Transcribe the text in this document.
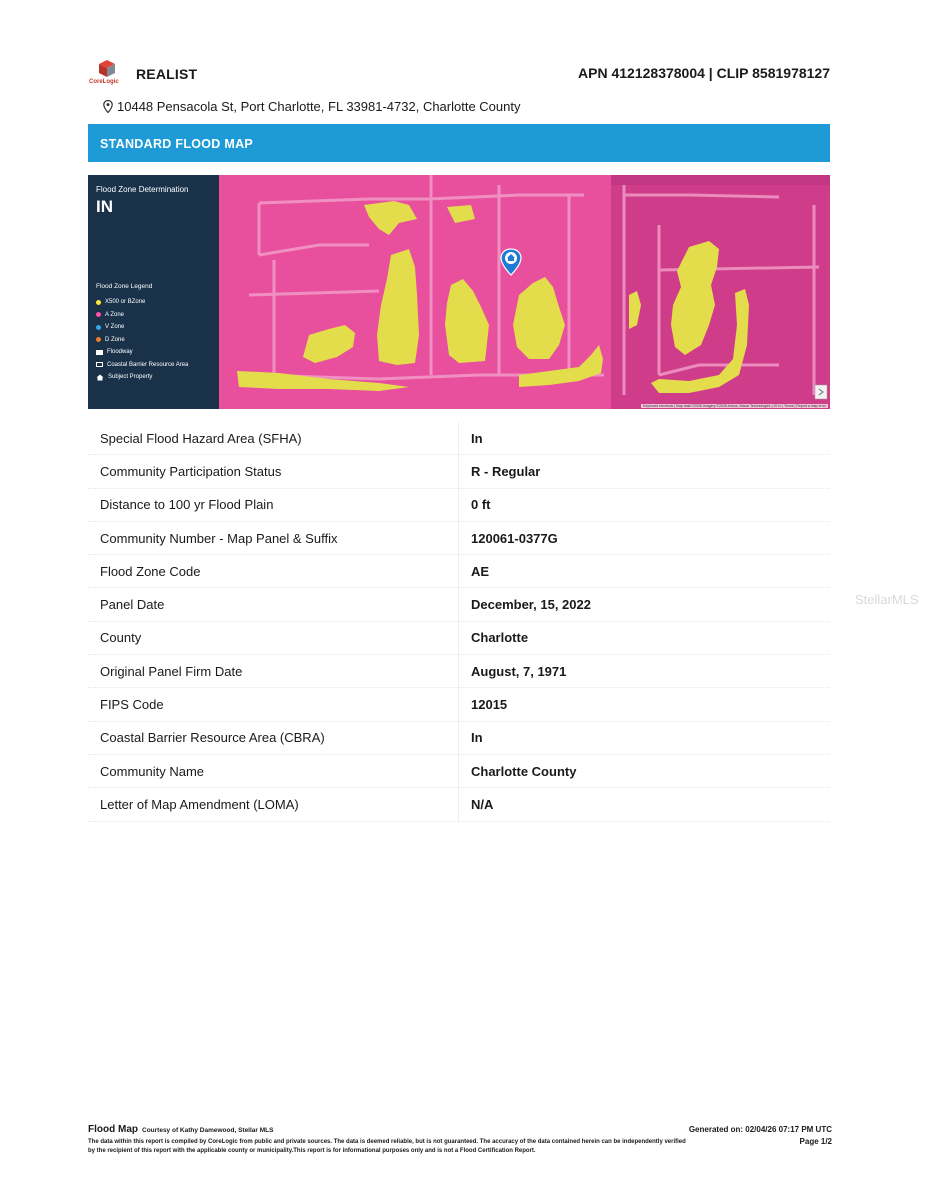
CoreLogic REALIST	APN 412128378004 | CLIP 8581978127
10448 Pensacola St, Port Charlotte, FL 33981-4732, Charlotte County
STANDARD FLOOD MAP
Flood Zone Determination
IN
Flood Zone Legend
X500 or BZone
A Zone
V Zone
D Zone
Floodway
Coastal Barrier Resource Area
Subject Property
Keyboard shortcuts | Map data ©2026 Imagery ©2026 Airbus, Maxar Technologies | 20 m | Terms | Report a map error
Special Flood Hazard Area (SFHA)	In
Community Participation Status	R - Regular
Distance to 100 yr Flood Plain	0 ft
Community Number - Map Panel & Suffix	120061-0377G
Flood Zone Code	AE
Panel Date	December, 15, 2022
County	Charlotte
Original Panel Firm Date	August, 7, 1971
FIPS Code	12015
Coastal Barrier Resource Area (CBRA)	In
Community Name	Charlotte County
Letter of Map Amendment (LOMA)	N/A
StellarMLS
Flood Map Courtesy of Kathy Damewood, Stellar MLS	Generated on: 02/04/26 07:17 PM UTC
Page 1/2
The data within this report is compiled by CoreLogic from public and private sources. The data is deemed reliable, but is not guaranteed. The accuracy of the data contained herein can be independently verified by the recipient of this report with the applicable county or municipality.This report is for informational purposes only and is not a Flood Certification Report.
